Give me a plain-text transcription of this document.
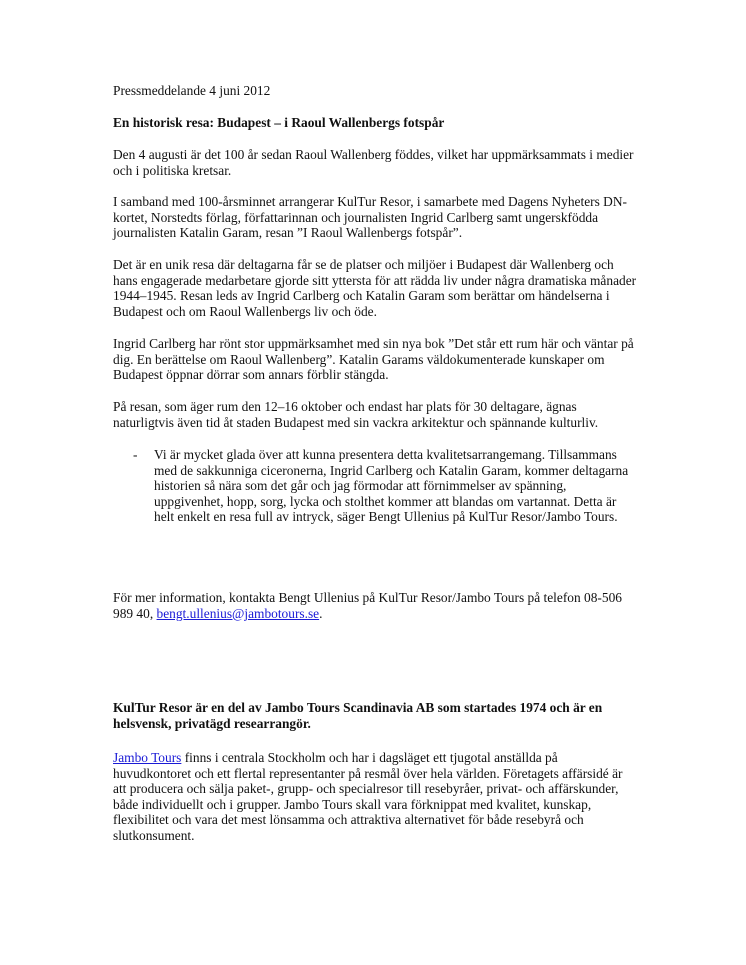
Pressmeddelande 4 juni 2012

En historisk resa: Budapest – i Raoul Wallenbergs fotspår

Den 4 augusti är det 100 år sedan Raoul Wallenberg föddes, vilket har uppmärksammats i medier och i politiska kretsar.

I samband med 100-årsminnet arrangerar KulTur Resor, i samarbete med Dagens Nyheters DN-kortet, Norstedts förlag, författarinnan och journalisten Ingrid Carlberg samt ungerskfödda journalisten Katalin Garam, resan ”I Raoul Wallenbergs fotspår”.

Det är en unik resa där deltagarna får se de platser och miljöer i Budapest där Wallenberg och hans engagerade medarbetare gjorde sitt yttersta för att rädda liv under några dramatiska månader 1944–1945. Resan leds av Ingrid Carlberg och Katalin Garam som berättar om händelserna i Budapest och om Raoul Wallenbergs liv och öde.

Ingrid Carlberg har rönt stor uppmärksamhet med sin nya bok ”Det står ett rum här och väntar på dig. En berättelse om Raoul Wallenberg”. Katalin Garams väldokumenterade kunskaper om Budapest öppnar dörrar som annars förblir stängda.

På resan, som äger rum den 12–16 oktober och endast har plats för 30 deltagare, ägnas naturligtvis även tid åt staden Budapest med sin vackra arkitektur och spännande kulturliv.

- Vi är mycket glada över att kunna presentera detta kvalitetsarrangemang. Tillsammans med de sakkunniga ciceronerna, Ingrid Carlberg och Katalin Garam, kommer deltagarna historien så nära som det går och jag förmodar att förnimmelser av spänning, uppgivenhet, hopp, sorg, lycka och stolthet kommer att blandas om vartannat. Detta är helt enkelt en resa full av intryck, säger Bengt Ullenius på KulTur Resor/Jambo Tours.

För mer information, kontakta Bengt Ullenius på KulTur Resor/Jambo Tours på telefon 08-506 989 40, bengt.ullenius@jambotours.se.

KulTur Resor är en del av Jambo Tours Scandinavia AB som startades 1974 och är en helsvensk, privatägd researrangör.

Jambo Tours finns i centrala Stockholm och har i dagsläget ett tjugotal anställda på huvudkontoret och ett flertal representanter på resmål över hela världen. Företagets affärsidé är att producera och sälja paket-, grupp- och specialresor till resebyråer, privat- och affärskunder, både individuellt och i grupper. Jambo Tours skall vara förknippat med kvalitet, kunskap, flexibilitet och vara det mest lönsamma och attraktiva alternativet för både resebyrå och slutkonsument.
